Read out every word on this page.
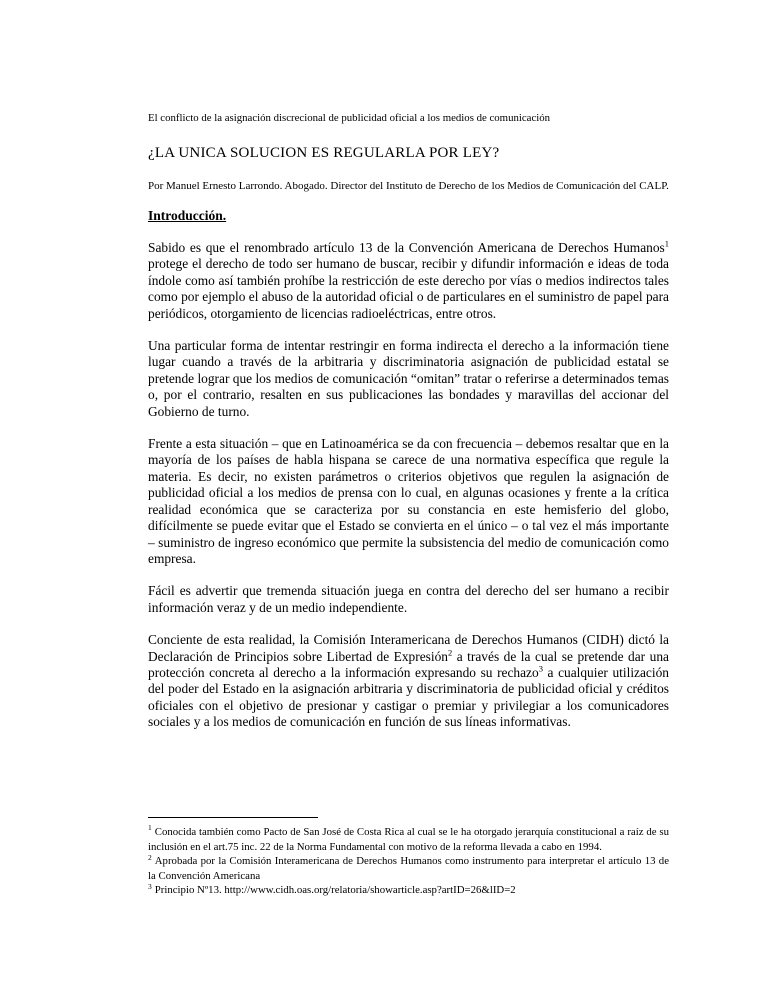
El conflicto de la asignación discrecional de publicidad oficial a los medios de comunicación

¿LA UNICA SOLUCION ES REGULARLA POR LEY?

Por Manuel Ernesto Larrondo. Abogado. Director del Instituto de Derecho de los Medios de Comunicación del CALP.

Introducción.

Sabido es que el renombrado artículo 13 de la Convención Americana de Derechos Humanos$^1$ protege el derecho de todo ser humano de buscar, recibir y difundir información e ideas de toda índole como así también prohíbe la restricción de este derecho por vías o medios indirectos tales como por ejemplo el abuso de la autoridad oficial o de particulares en el suministro de papel para periódicos, otorgamiento de licencias radioeléctricas, entre otros.

Una particular forma de intentar restringir en forma indirecta el derecho a la información tiene lugar cuando a través de la arbitraria y discriminatoria asignación de publicidad estatal se pretende lograr que los medios de comunicación “omitan” tratar o referirse a determinados temas o, por el contrario, resalten en sus publicaciones las bondades y maravillas del accionar del Gobierno de turno.

Frente a esta situación – que en Latinoamérica se da con frecuencia – debemos resaltar que en la mayoría de los países de habla hispana se carece de una normativa específica que regule la materia. Es decir, no existen parámetros o criterios objetivos que regulen la asignación de publicidad oficial a los medios de prensa con lo cual, en algunas ocasiones y frente a la crítica realidad económica que se caracteriza por su constancia en este hemisferio del globo, difícilmente se puede evitar que el Estado se convierta en el único – o tal vez el más importante – suministro de ingreso económico que permite la subsistencia del medio de comunicación como empresa.

Fácil es advertir que tremenda situación juega en contra del derecho del ser humano a recibir información veraz y de un medio independiente.

Conciente de esta realidad, la Comisión Interamericana de Derechos Humanos (CIDH) dictó la Declaración de Principios sobre Libertad de Expresión$^2$ a través de la cual se pretende dar una protección concreta al derecho a la información expresando su rechazo$^3$ a cualquier utilización del poder del Estado en la asignación arbitraria y discriminatoria de publicidad oficial y créditos oficiales con el objetivo de presionar y castigar o premiar y privilegiar a los comunicadores sociales y a los medios de comunicación en función de sus líneas informativas.

$^1$ Conocida también como Pacto de San José de Costa Rica al cual se le ha otorgado jerarquía constitucional a raíz de su inclusión en el art.75 inc. 22 de la Norma Fundamental con motivo de la reforma llevada a cabo en 1994.

$^2$ Aprobada por la Comisión Interamericana de Derechos Humanos como instrumento para interpretar el artículo 13 de la Convención Americana

$^3$ Principio Nº13. http://www.cidh.oas.org/relatoria/showarticle.asp?artID=26&lID=2
